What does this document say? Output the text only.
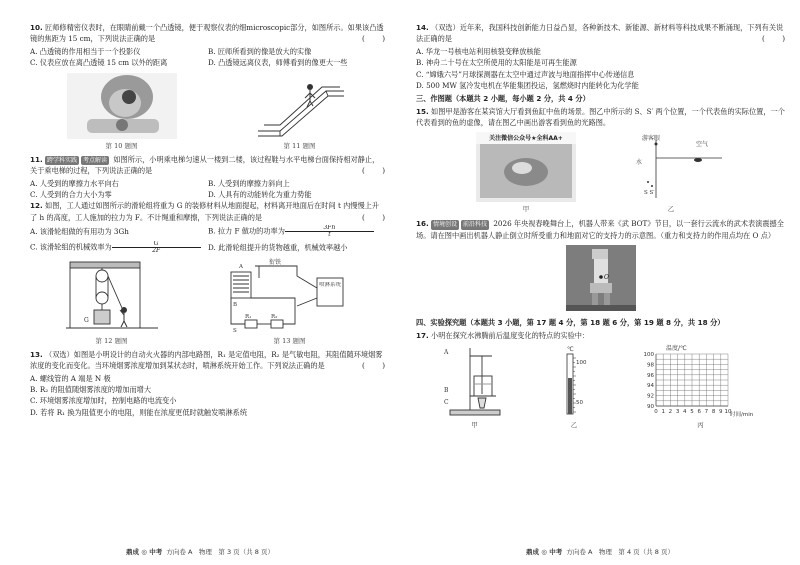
10. 匠师修精密仪表时，在眼睛前戴一个凸透镜，便于观察仪表的细microscopic部分，如图所示。如果该凸透镜的焦距为 15 cm，下列说法正确的是	(　　)
A. 凸透镜的作用相当于一个投影仪	B. 匠师所看到的像是放大的实像
C. 仪表应放在离凸透镜 15 cm 以外的距离	D. 凸透镜远离仪表，师傅看到的像更大一些
第 10 题图	第 11 题图
11. 跨学科实践 考点解读 如图所示，小明乘电梯匀速从一楼到二楼，该过程鞋与水平电梯台面保持相对静止，关于乘电梯的过程，下列说法正确的是	(　　)
A. 人受到的摩擦力水平向右	B. 人受到的摩擦力斜向上
C. 人受到的合力大小为零	D. 人具有的动能转化为重力势能
12. 如图，工人通过如图所示的滑轮组将重为 G 的装修材料从地面提起，材料离开地面后在时间 t 内慢慢上升了 h 的高度，工人施加的拉力为 F。不计绳重和摩擦，下列说法正确的是	(　　)
A. 该滑轮组做的有用功为 3Gh	B. 拉力 F 做功的功率为 $\frac{3Fh}{t}$
C. 该滑轮组的机械效率为 $\frac{G}{2F} D$. 此滑轮组提升的货物越重，机械效率越小
G
第 12 题图
A
B
R₁	R₂
S
衔铁
喷淋系统
第 13 题图
13. （双选）如图是小明设计的自动火火器的内部电路图，R₁ 是定值电阻，R₂ 是气敏电阻，其阻值随环境烟雾浓度的变化而变化。当环境烟雾浓度增加到某状态时，喷淋系统开始工作。下列说法正确的是	(　　)
A. 螺线管的 A 端是 N 极
B. R₂ 的阻值随烟雾浓度的增加而增大
C. 环境烟雾浓度增加时，控制电路的电流变小
D. 若将 R₁ 换为阻值更小的电阻，则能在浓度更低时就触发喷淋系统
鼎成 ◎ 中考 方向卷 A　物理　第 3 页（共 8 页）
14. （双选）近年来，我国科技创新能力日益凸显，各种新技术、新能源、新材料等科技成果不断涌现，下列有关说法正确的是	(　　)
A. 华龙一号核电站利用核裂变释放核能
B. 神舟二十号在太空所使用的太阳能是可再生能源
C. “嫦娥六号”月球探测器在太空中通过声波与地面指挥中心传递信息
D. 500 MW 氢冷发电机在华能集团投运，氢燃烧时内能转化为化学能
三、作图题（本题共 2 小题，每小题 2 分，共 4 分）
15. 如图甲是游客在某宾馆大厅看到鱼缸中鱼的场景。图乙中所示的 S、S′ 两个位置，一个代表鱼的实际位置，一个代表看到的鱼的虚像，请在图乙中画出游客看到鱼的光路图。
关注微信公众号★全科AA+
甲
游客眼
空气
水
S S′
乙
16. 情境创设 前沿科技 2026 年央视春晚舞台上，机器人带来《武 BOT》节目，以一套行云流水的武术表演震撼全场。请在图中画出机器人静止倒立时所受重力和地面对它的支持力的示意图。（重力和支持力的作用点均在 O 点）
O
四、实验探究题（本题共 3 小题，第 17 题 4 分，第 18 题 6 分，第 19 题 8 分，共 18 分）
17. 小明在探究水沸腾前后温度变化的特点的实验中：
A
B
C
甲
℃
100
50
乙
温度/℃
时间/min
100
98
96
94
92
90
0 1 2 3 4 5 6 7 8 9 10
丙
鼎成 ◎ 中考 方向卷 A　物理　第 4 页（共 8 页）
